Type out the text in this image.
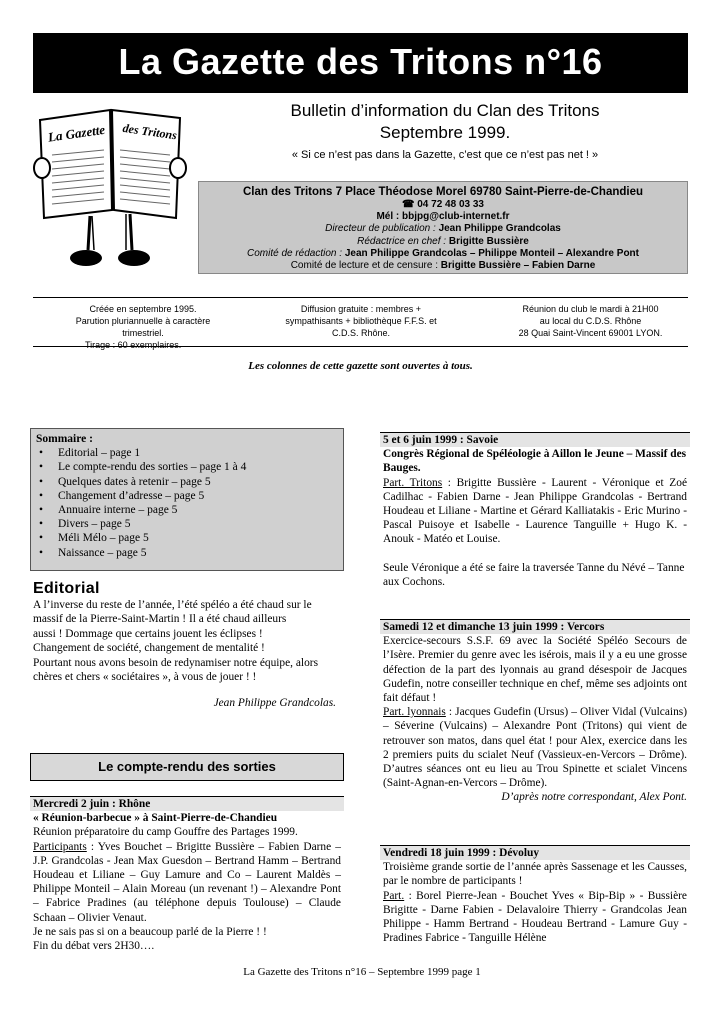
La Gazette des Tritons n°16
La Gazette des Tritons
Bulletin d’information du Clan des Tritons
Septembre 1999.
« Si ce n’est pas dans la Gazette, c’est que ce n’est pas net ! »
Clan des Tritons 7 Place Théodose Morel 69780 Saint-Pierre-de-Chandieu
☎ 04 72 48 03 33
Mél : bbjpg@club-internet.fr
Directeur de publication : Jean Philippe Grandcolas
Rédactrice en chef : Brigitte Bussière
Comité de rédaction : Jean Philippe Grandcolas – Philippe Monteil – Alexandre Pont
Comité de lecture et de censure : Brigitte Bussière – Fabien Darne
Créée en septembre 1995.
Parution pluriannuelle à caractère
trimestriel.
Tirage : 60 exemplaires.
Diffusion gratuite : membres +
sympathisants + bibliothèque F.F.S. et
C.D.S. Rhône.
Réunion du club le mardi à 21H00
au local du C.D.S. Rhône
28 Quai Saint-Vincent 69001 LYON.
Les colonnes de cette gazette sont ouvertes à tous.
Sommaire :
• Editorial – page 1
• Le compte-rendu des sorties – page 1 à 4
• Quelques dates à retenir – page 5
• Changement d’adresse – page 5
• Annuaire interne – page 5
• Divers – page 5
• Méli Mélo – page 5
• Naissance – page 5
Editorial
A l’inverse du reste de l’année, l’été spéléo a été chaud sur le
massif de la Pierre-Saint-Martin ! Il a été chaud ailleurs
aussi ! Dommage que certains jouent les éclipses !
Changement de société, changement de mentalité !
Pourtant nous avons besoin de redynamiser notre équipe, alors
chères et chers « sociétaires », à vous de jouer ! !
Jean Philippe Grandcolas.
Le compte-rendu des sorties
Mercredi 2 juin : Rhône
« Réunion-barbecue » à Saint-Pierre-de-Chandieu
Réunion préparatoire du camp Gouffre des Partages 1999.
Participants : Yves Bouchet – Brigitte Bussière – Fabien Darne – J.P. Grandcolas - Jean Max Guesdon – Bertrand Hamm – Bertrand Houdeau et Liliane – Guy Lamure and Co – Laurent Maldès – Philippe Monteil – Alain Moreau (un revenant !) – Alexandre Pont – Fabrice Pradines (au téléphone depuis Toulouse) – Claude Schaan – Olivier Venaut.
Je ne sais pas si on a beaucoup parlé de la Pierre ! !
Fin du débat vers 2H30….
5 et 6 juin 1999 : Savoie
Congrès Régional de Spéléologie à Aillon le Jeune – Massif des Bauges.
Part. Tritons : Brigitte Bussière - Laurent - Véronique et Zoé Cadilhac - Fabien Darne - Jean Philippe Grandcolas - Bertrand Houdeau et Liliane - Martine et Gérard Kalliatakis - Eric Murino - Pascal Puisoye et Isabelle - Laurence Tanguille + Hugo K. - Anouk - Matéo et Louise.
Seule Véronique a été se faire la traversée Tanne du Névé – Tanne aux Cochons.
Samedi 12 et dimanche 13 juin 1999 : Vercors
Exercice-secours S.S.F. 69 avec la Société Spéléo Secours de l’Isère. Premier du genre avec les isérois, mais il y a eu une grosse défection de la part des lyonnais au grand désespoir de Jacques Gudefin, notre conseiller technique en chef, même ses adjoints ont fait défaut !
Part. lyonnais : Jacques Gudefin (Ursus) – Oliver Vidal (Vulcains) – Séverine (Vulcains) – Alexandre Pont (Tritons) qui vient de retrouver son matos, dans quel état ! pour Alex, exercice dans les 2 premiers puits du scialet Neuf (Vassieux-en-Vercors – Drôme). D’autres séances ont eu lieu au Trou Spinette et scialet Vincens (Saint-Agnan-en-Vercors – Drôme).
D’après notre correspondant, Alex Pont.
Vendredi 18 juin 1999 : Dévoluy
Troisième grande sortie de l’année après Sassenage et les Causses, par le nombre de participants !
Part. : Borel Pierre-Jean - Bouchet Yves « Bip-Bip » - Bussière Brigitte - Darne Fabien - Delavaloire Thierry - Grandcolas Jean Philippe - Hamm Bertrand - Houdeau Bertrand - Lamure Guy - Pradines Fabrice - Tanguille Hélène
La Gazette des Tritons n°16 – Septembre 1999 page 1
